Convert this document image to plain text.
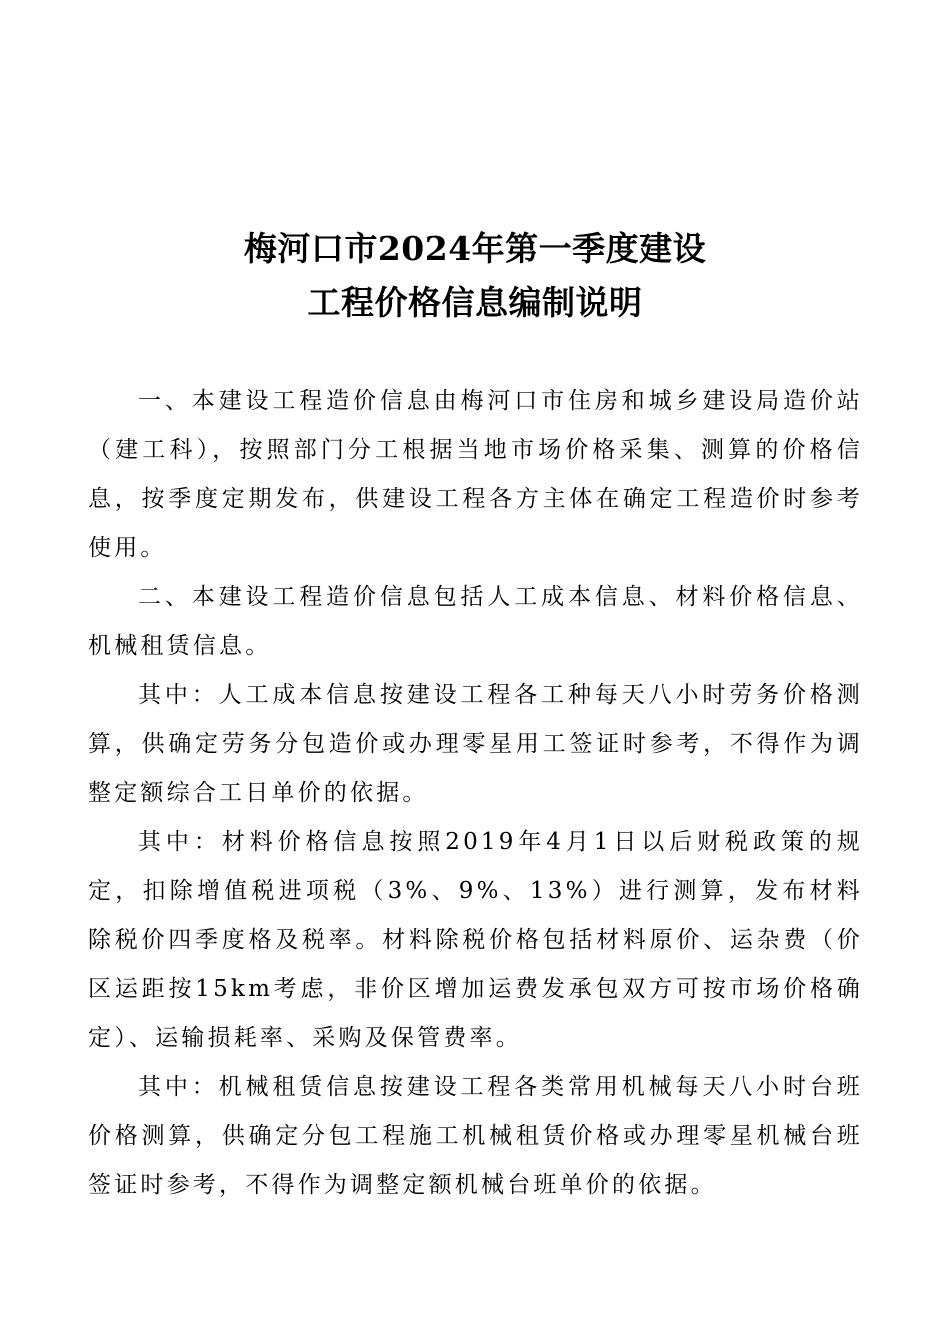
梅河口市2024年第一季度建设
工程价格信息编制说明

一、本建设工程造价信息由梅河口市住房和城乡建设局造价站（建工科），按照部门分工根据当地市场价格采集、测算的价格信息，按季度定期发布，供建设工程各方主体在确定工程造价时参考使用。

二、本建设工程造价信息包括人工成本信息、材料价格信息、机械租赁信息。

其中：人工成本信息按建设工程各工种每天八小时劳务价格测算，供确定劳务分包造价或办理零星用工签证时参考，不得作为调整定额综合工日单价的依据。

其中：材料价格信息按照2019年4月1日以后财税政策的规定，扣除增值税进项税（3%、9%、13%）进行测算，发布材料除税价四季度格及税率。材料除税价格包括材料原价、运杂费（价区运距按15km考虑，非价区增加运费发承包双方可按市场价格确定）、运输损耗率、采购及保管费率。

其中：机械租赁信息按建设工程各类常用机械每天八小时台班价格测算，供确定分包工程施工机械租赁价格或办理零星机械台班签证时参考，不得作为调整定额机械台班单价的依据。
